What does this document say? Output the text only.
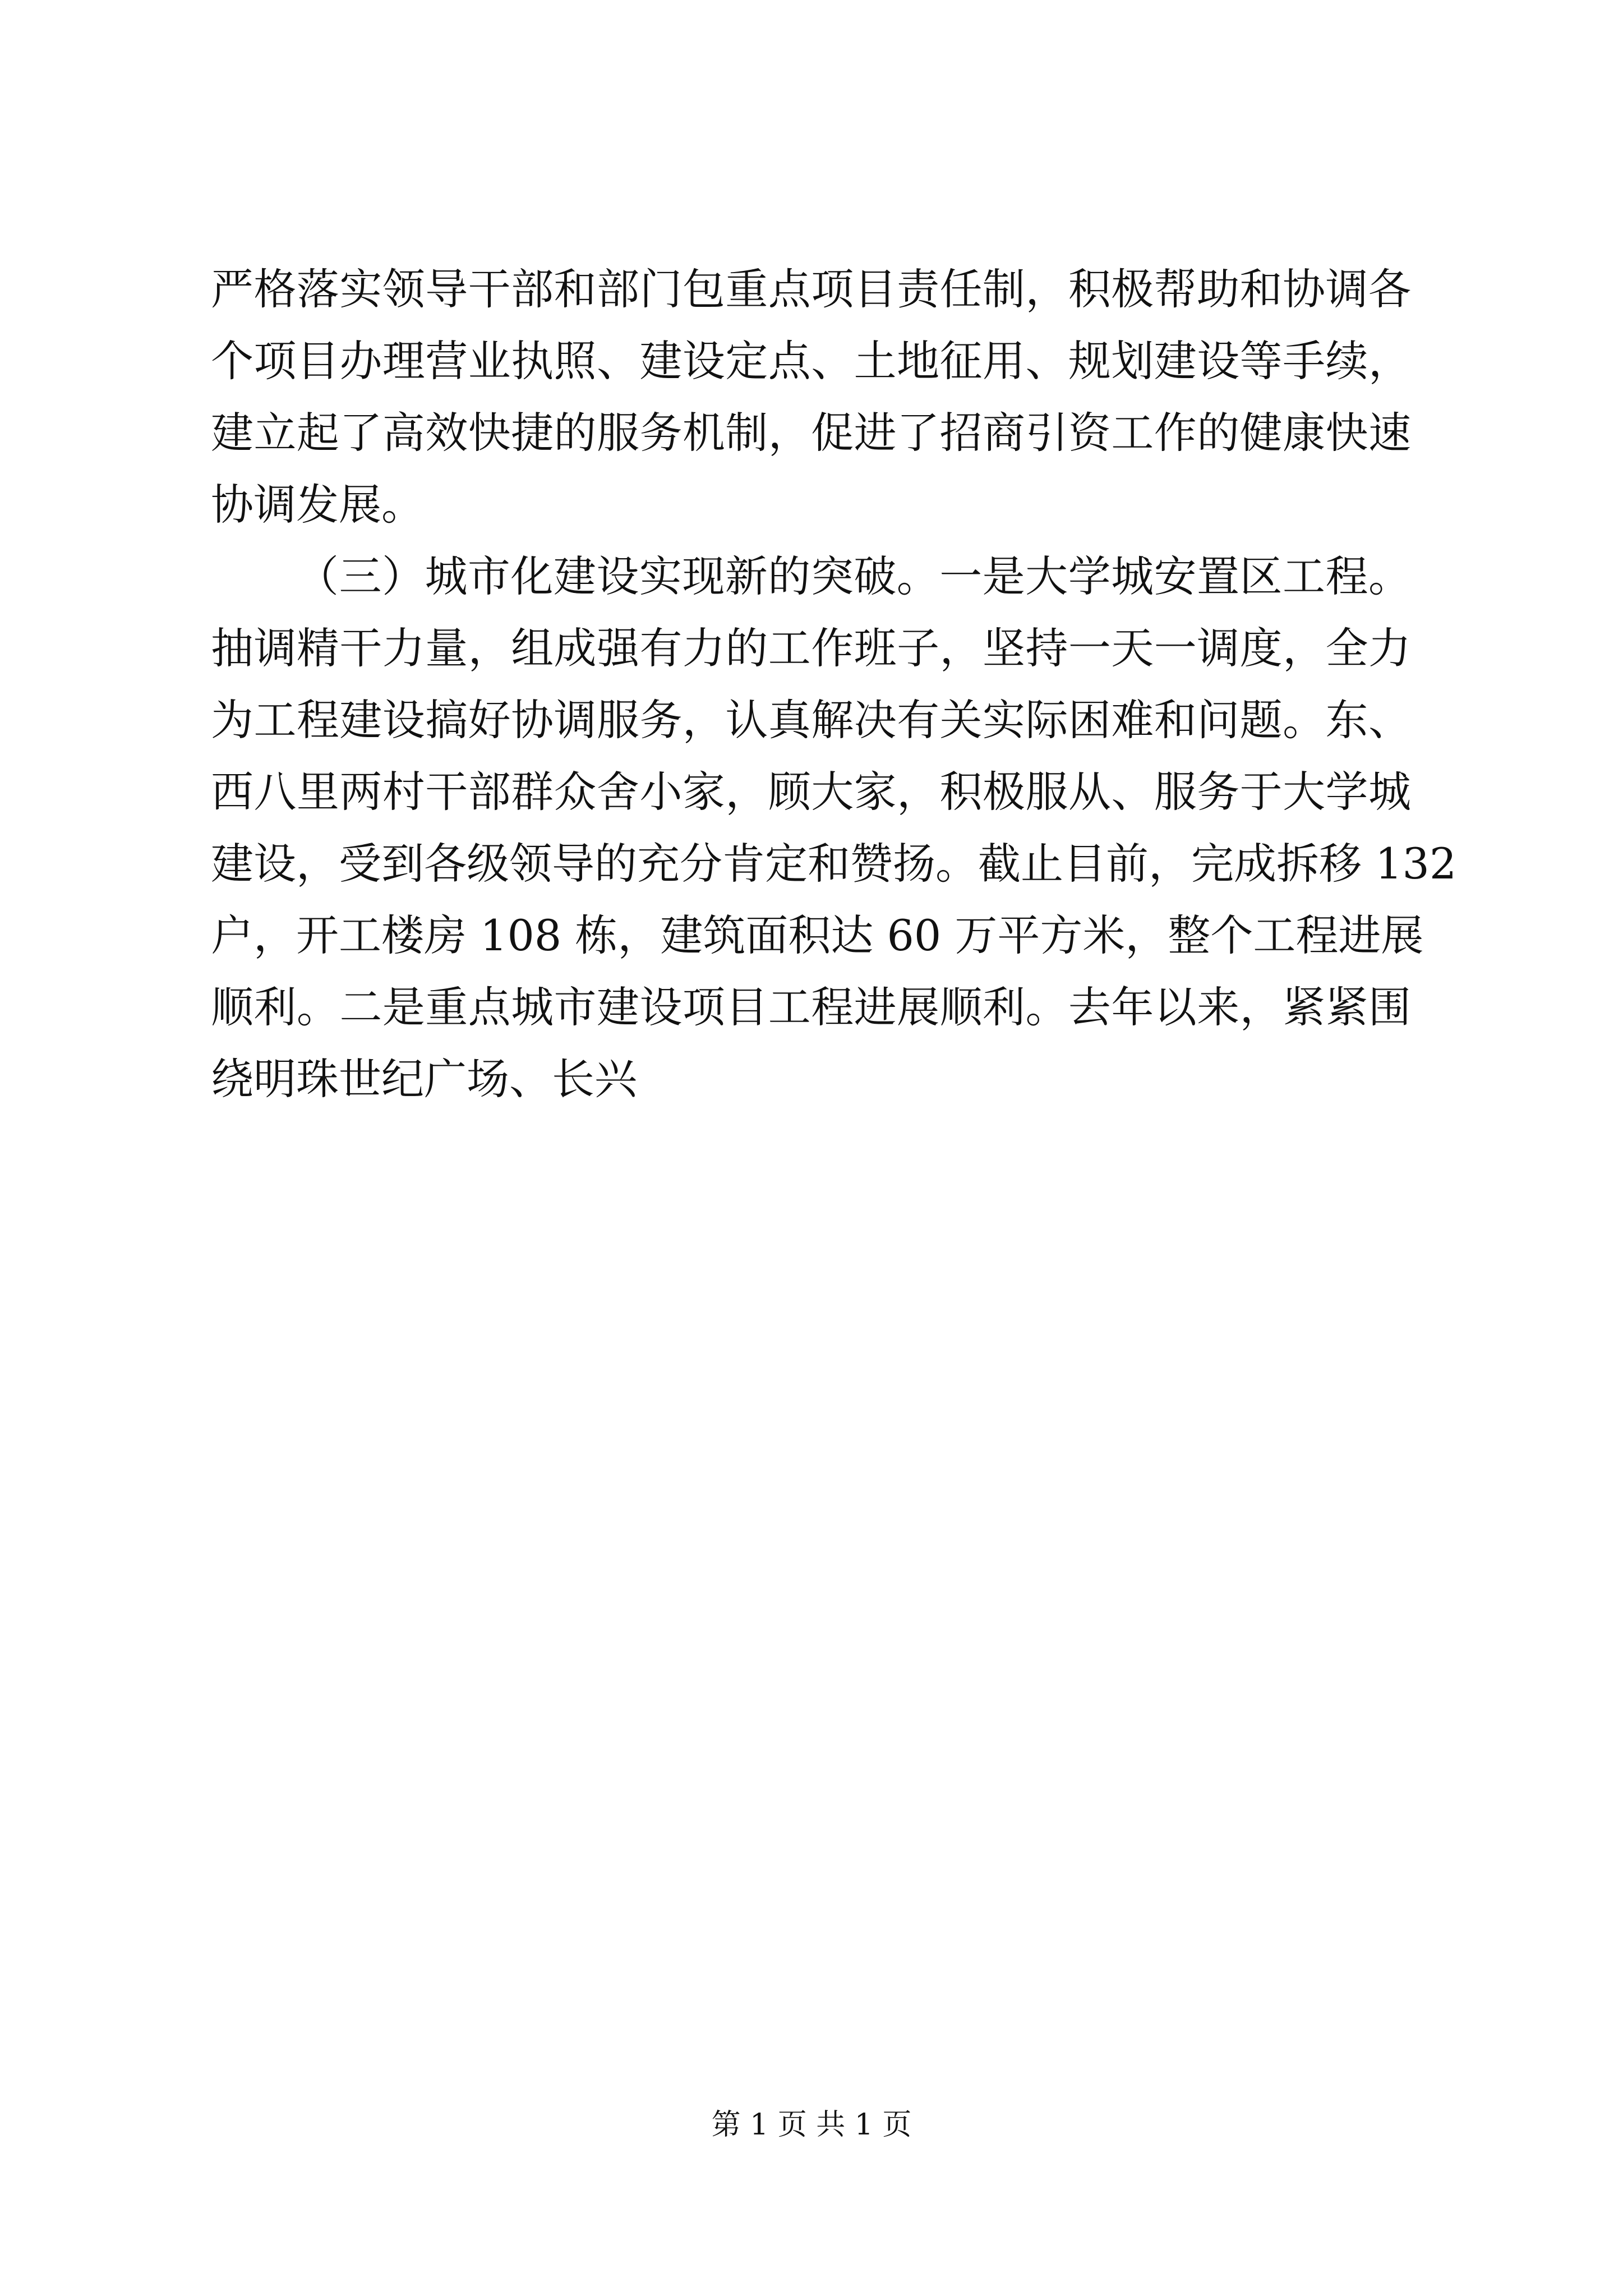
严格落实领导干部和部门包重点项目责任制，积极帮助和协调各
个项目办理营业执照、建设定点、土地征用、规划建设等手续，
建立起了高效快捷的服务机制，促进了招商引资工作的健康快速
协调发展。

（三）城市化建设实现新的突破。一是大学城安置区工程。
抽调精干力量，组成强有力的工作班子，坚持一天一调度，全力
为工程建设搞好协调服务，认真解决有关实际困难和问题。东、
西八里两村干部群众舍小家，顾大家，积极服从、服务于大学城
建设，受到各级领导的充分肯定和赞扬。截止目前，完成拆移 132
户，开工楼房 108 栋，建筑面积达 60 万平方米，整个工程进展
顺利。二是重点城市建设项目工程进展顺利。去年以来，紧紧围
绕明珠世纪广场、长兴

第 1 页 共 1 页
